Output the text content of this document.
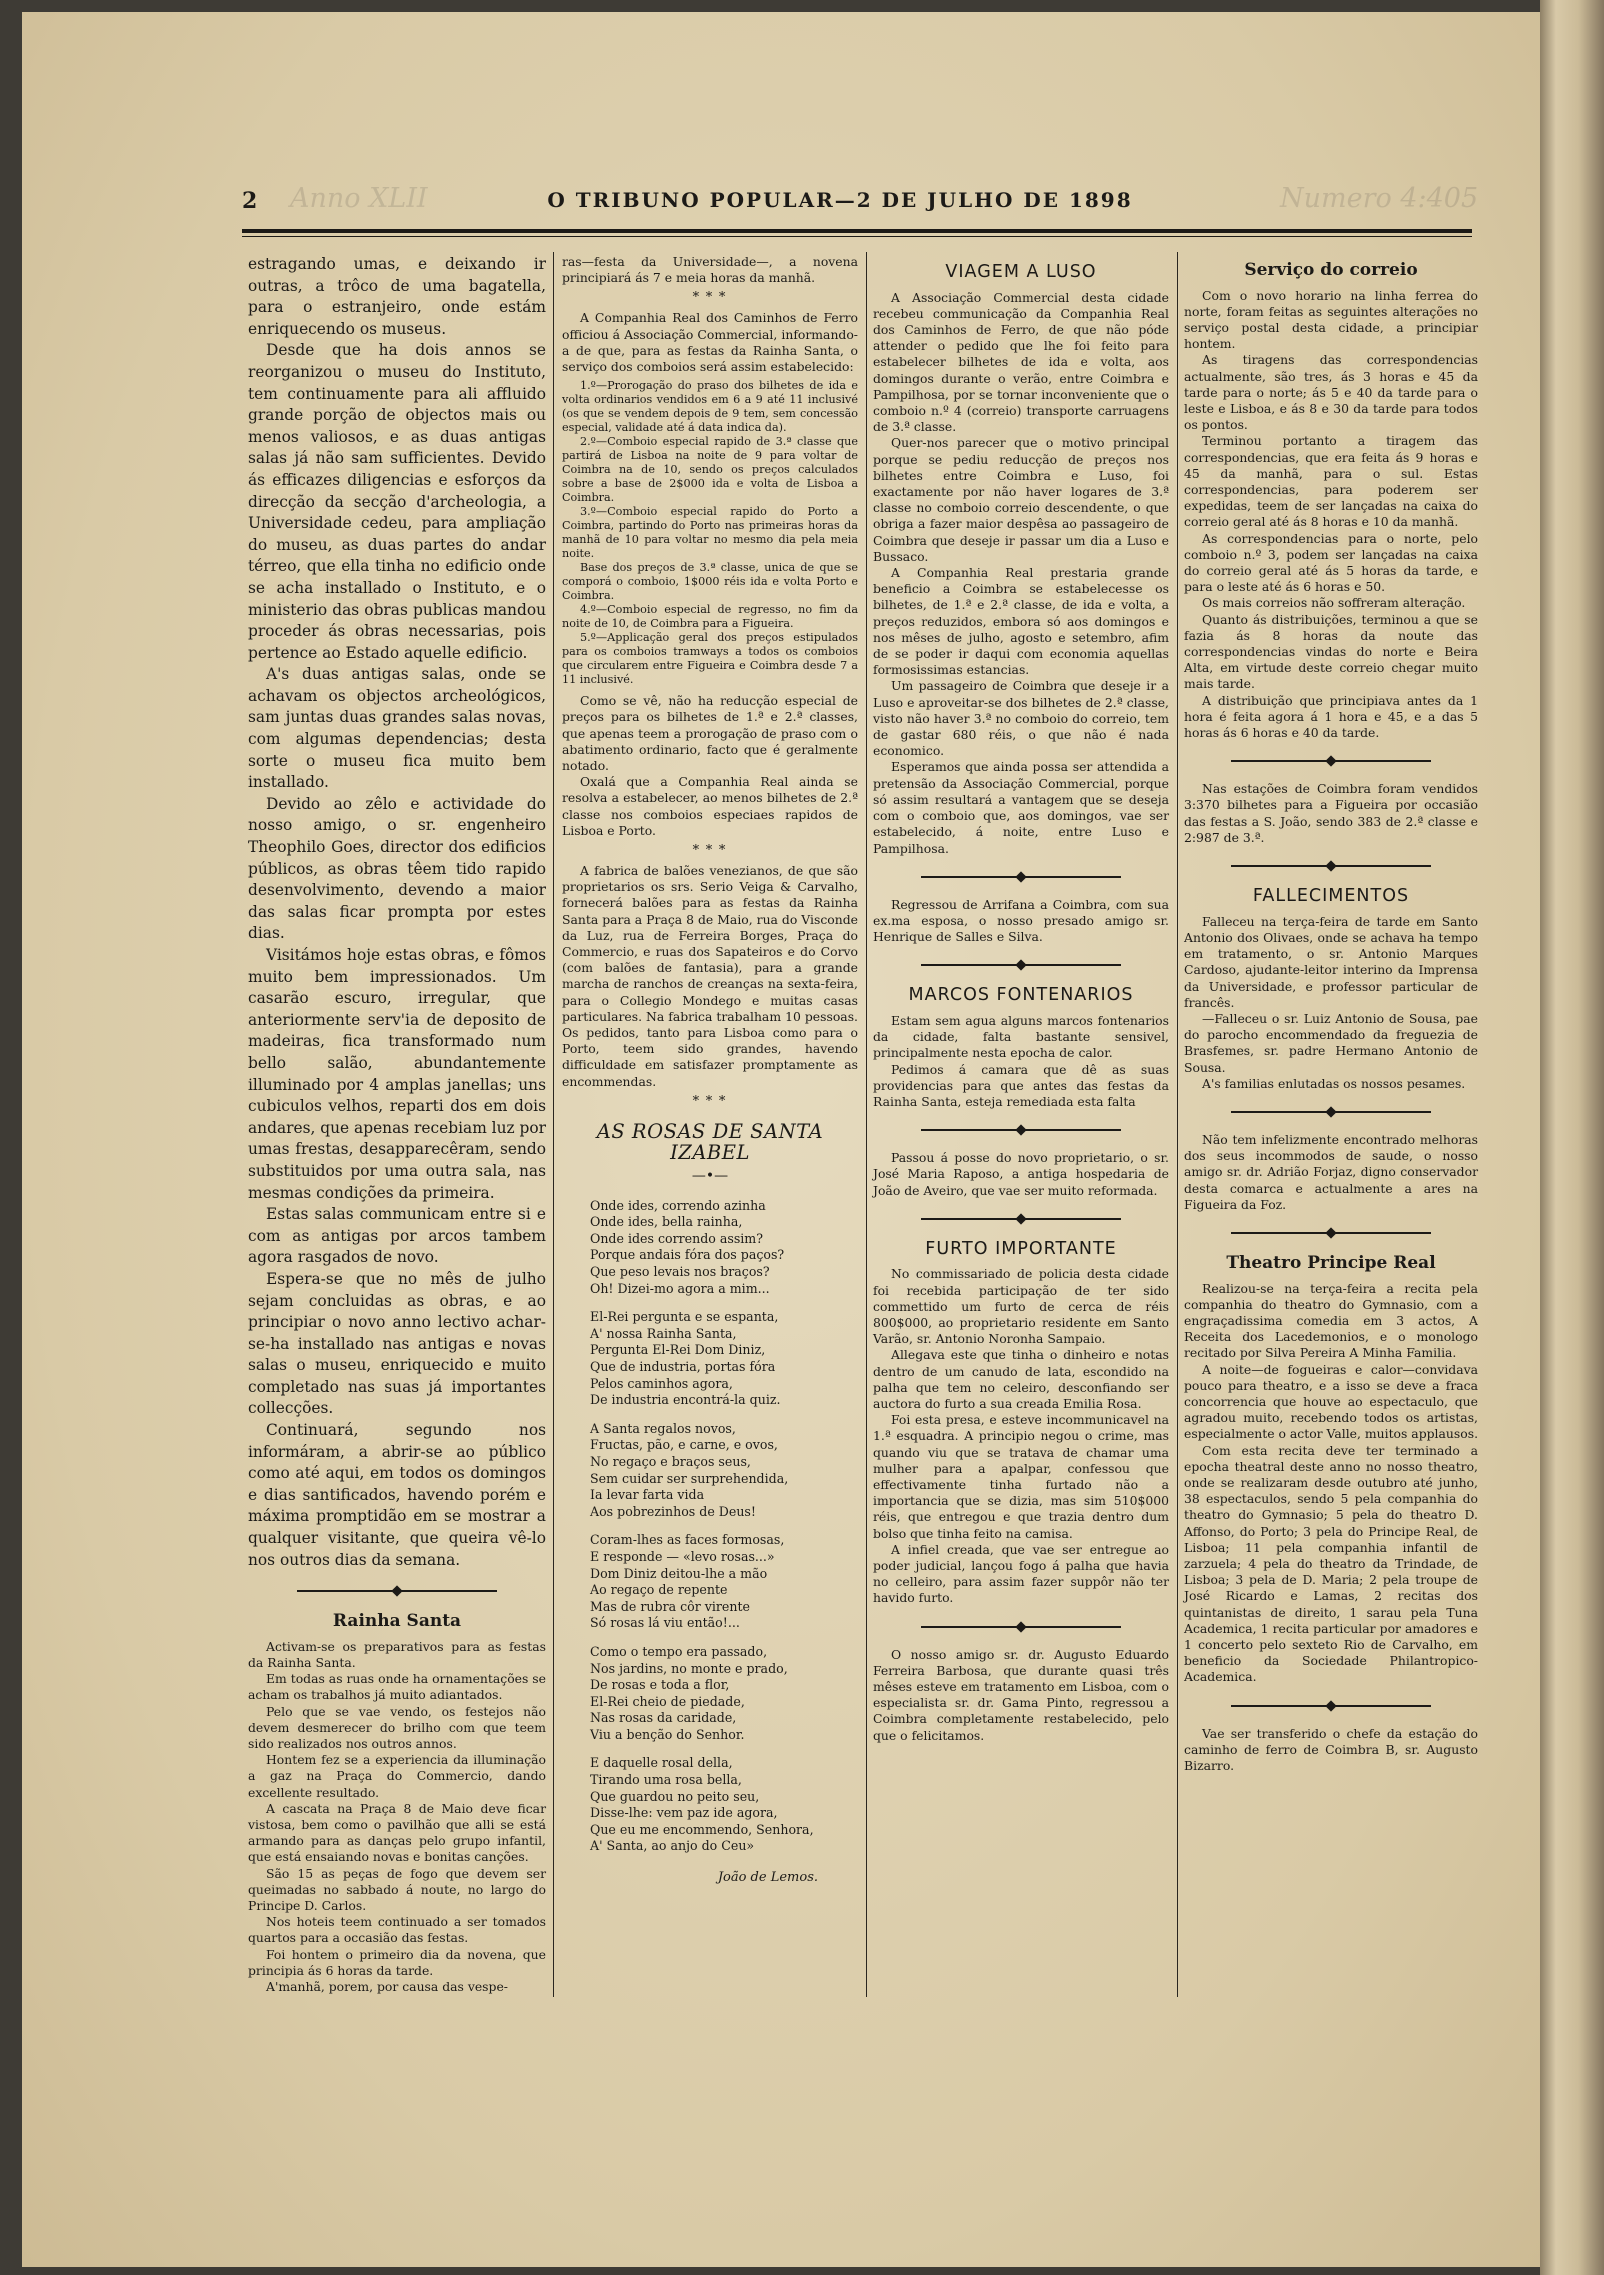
Anno XLII	Numero 4:405
2	O TRIBUNO POPULAR—2 DE JULHO DE 1898

estragando umas, e deixando ir outras, a trôco de uma bagatella, para o estranjeiro, onde estám enriquecendo os museus.

Desde que ha dois annos se reorganizou o museu do Instituto, tem continuamente para ali affluido grande porção de objectos mais ou menos valiosos, e as duas antigas salas já não sam sufficientes. Devido ás efficazes diligencias e esforços da direcção da secção d'archeologia, a Universidade cedeu, para ampliação do museu, as duas partes do andar térreo, que ella tinha no edificio onde se acha installado o Instituto, e o ministerio das obras publicas mandou proceder ás obras necessarias, pois pertence ao Estado aquelle edificio.

A's duas antigas salas, onde se achavam os objectos archeológicos, sam juntas duas grandes salas novas, com algumas dependencias; desta sorte o museu fica muito bem installado.

Devido ao zêlo e actividade do nosso amigo, o sr. engenheiro Theophilo Goes, director dos edificios públicos, as obras têem tido rapido desenvolvimento, devendo a maior das salas ficar prompta por estes dias.

Visitámos hoje estas obras, e fômos muito bem impressionados. Um casarão escuro, irregular, que anteriormente serv'ia de deposito de madeiras, fica transformado num bello salão, abundantemente illuminado por 4 amplas janellas; uns cubiculos velhos, reparti dos em dois andares, que apenas recebiam luz por umas frestas, desapparecêram, sendo substituidos por uma outra sala, nas mesmas condições da primeira.

Estas salas communicam entre si e com as antigas por arcos tambem agora rasgados de novo.

Espera-se que no mês de julho sejam concluidas as obras, e ao principiar o novo anno lectivo achar-se-ha installado nas antigas e novas salas o museu, enriquecido e muito completado nas suas já importantes collecções.

Continuará, segundo nos informáram, a abrir-se ao público como até aqui, em todos os domingos e dias santificados, havendo porém e máxima promptidão em se mostrar a qualquer visitante, que queira vê-lo nos outros dias da semana.

Rainha Santa

Activam-se os preparativos para as festas da Rainha Santa.

Em todas as ruas onde ha ornamentações se acham os trabalhos já muito adiantados.

Pelo que se vae vendo, os festejos não devem desmerecer do brilho com que teem sido realizados nos outros annos.

Hontem fez se a experiencia da illuminação a gaz na Praça do Commercio, dando excellente resultado.

A cascata na Praça 8 de Maio deve ficar vistosa, bem como o pavilhão que alli se está armando para as danças pelo grupo infantil, que está ensaiando novas e bonitas canções.

São 15 as peças de fogo que devem ser queimadas no sabbado á noute, no largo do Principe D. Carlos.

Nos hoteis teem continuado a ser tomados quartos para a occasião das festas.

Foi hontem o primeiro dia da novena, que principia ás 6 horas da tarde.

A'manhã, porem, por causa das vespe-

ras—festa da Universidade—, a novena principiará ás 7 e meia horas da manhã.

* * *

A Companhia Real dos Caminhos de Ferro officiou á Associação Commercial, informando-a de que, para as festas da Rainha Santa, o serviço dos comboios será assim estabelecido:

1.º—Prorogação do praso dos bilhetes de ida e volta ordinarios vendidos em 6 a 9 até 11 inclusivé (os que se vendem depois de 9 tem, sem concessão especial, validade até á data indica da).
2.º—Comboio especial rapido de 3.ª classe que partirá de Lisboa na noite de 9 para voltar de Coimbra na de 10, sendo os preços calculados sobre a base de 2$000 ida e volta de Lisboa a Coimbra.
3.º—Comboio especial rapido do Porto a Coimbra, partindo do Porto nas primeiras horas da manhã de 10 para voltar no mesmo dia pela meia noite.
Base dos preços de 3.ª classe, unica de que se comporá o comboio, 1$000 réis ida e volta Porto e Coimbra.
4.º—Comboio especial de regresso, no fim da noite de 10, de Coimbra para a Figueira.
5.º—Applicação geral dos preços estipulados para os comboios tramways a todos os comboios que circularem entre Figueira e Coimbra desde 7 a 11 inclusivé.

Como se vê, não ha reducção especial de preços para os bilhetes de 1.ª e 2.ª classes, que apenas teem a prorogação de praso com o abatimento ordinario, facto que é geralmente notado.

Oxalá que a Companhia Real ainda se resolva a estabelecer, ao menos bilhetes de 2.ª classe nos comboios especiaes rapidos de Lisboa e Porto.

* * *

A fabrica de balões venezianos, de que são proprietarios os srs. Serio Veiga & Carvalho, fornecerá balões para as festas da Rainha Santa para a Praça 8 de Maio, rua do Visconde da Luz, rua de Ferreira Borges, Praça do Commercio, e ruas dos Sapateiros e do Corvo (com balões de fantasia), para a grande marcha de ranchos de creanças na sexta-feira, para o Collegio Mondego e muitas casas particulares. Na fabrica trabalham 10 pessoas. Os pedidos, tanto para Lisboa como para o Porto, teem sido grandes, havendo difficuldade em satisfazer promptamente as encommendas.

* * *
AS ROSAS DE SANTA IZABEL
—•—
Onde ides, correndo azinha
Onde ides, bella rainha,
Onde ides correndo assim?
Porque andais fóra dos paços?
Que peso levais nos braços?
Oh! Dizei-mo agora a mim...
El-Rei pergunta e se espanta,
A' nossa Rainha Santa,
Pergunta El-Rei Dom Diniz,
Que de industria, portas fóra
Pelos caminhos agora,
De industria encontrá-la quiz.
A Santa regalos novos,
Fructas, pão, e carne, e ovos,
No regaço e braços seus,
Sem cuidar ser surprehendida,
Ia levar farta vida
Aos pobrezinhos de Deus!
Coram-lhes as faces formosas,
E responde — «levo rosas...»
Dom Diniz deitou-lhe a mão
Ao regaço de repente
Mas de rubra côr virente
Só rosas lá viu então!...
Como o tempo era passado,
Nos jardins, no monte e prado,
De rosas e toda a flor,
El-Rei cheio de piedade,
Nas rosas da caridade,
Viu a benção do Senhor.
E daquelle rosal della,
Tirando uma rosa bella,
Que guardou no peito seu,
Disse-lhe: vem paz ide agora,
Que eu me encommendo, Senhora,
A' Santa, ao anjo do Ceu»
João de Lemos.
VIAGEM A LUSO

A Associação Commercial desta cidade recebeu communicação da Companhia Real dos Caminhos de Ferro, de que não póde attender o pedido que lhe foi feito para estabelecer bilhetes de ida e volta, aos domingos durante o verão, entre Coimbra e Pampilhosa, por se tornar inconveniente que o comboio n.º 4 (correio) transporte carruagens de 3.ª classe.

Quer-nos parecer que o motivo principal porque se pediu reducção de preços nos bilhetes entre Coimbra e Luso, foi exactamente por não haver logares de 3.ª classe no comboio correio descendente, o que obriga a fazer maior despêsa ao passageiro de Coimbra que deseje ir passar um dia a Luso e Bussaco.

A Companhia Real prestaria grande beneficio a Coimbra se estabelecesse os bilhetes, de 1.ª e 2.ª classe, de ida e volta, a preços reduzidos, embora só aos domingos e nos mêses de julho, agosto e setembro, afim de se poder ir daqui com economia aquellas formosissimas estancias.

Um passageiro de Coimbra que deseje ir a Luso e aproveitar-se dos bilhetes de 2.ª classe, visto não haver 3.ª no comboio do correio, tem de gastar 680 réis, o que não é nada economico.

Esperamos que ainda possa ser attendida a pretensão da Associação Commercial, porque só assim resultará a vantagem que se deseja com o comboio que, aos domingos, vae ser estabelecido, á noite, entre Luso e Pampilhosa.

Regressou de Arrifana a Coimbra, com sua ex.ma esposa, o nosso presado amigo sr. Henrique de Salles e Silva.

MARCOS FONTENARIOS

Estam sem agua alguns marcos fontenarios da cidade, falta bastante sensivel, principalmente nesta epocha de calor.

Pedimos á camara que dê as suas providencias para que antes das festas da Rainha Santa, esteja remediada esta falta

Passou á posse do novo proprietario, o sr. José Maria Raposo, a antiga hospedaria de João de Aveiro, que vae ser muito reformada.

FURTO IMPORTANTE

No commissariado de policia desta cidade foi recebida participação de ter sido commettido um furto de cerca de réis 800$000, ao proprietario residente em Santo Varão, sr. Antonio Noronha Sampaio.

Allegava este que tinha o dinheiro e notas dentro de um canudo de lata, escondido na palha que tem no celeiro, desconfiando ser auctora do furto a sua creada Emilia Rosa.

Foi esta presa, e esteve incommunicavel na 1.ª esquadra. A principio negou o crime, mas quando viu que se tratava de chamar uma mulher para a apalpar, confessou que effectivamente tinha furtado não a importancia que se dizia, mas sim 510$000 réis, que entregou e que trazia dentro dum bolso que tinha feito na camisa.

A infiel creada, que vae ser entregue ao poder judicial, lançou fogo á palha que havia no celleiro, para assim fazer suppôr não ter havido furto.

O nosso amigo sr. dr. Augusto Eduardo Ferreira Barbosa, que durante quasi três mêses esteve em tratamento em Lisboa, com o especialista sr. dr. Gama Pinto, regressou a Coimbra completamente restabelecido, pelo que o felicitamos.

Serviço do correio

Com o novo horario na linha ferrea do norte, foram feitas as seguintes alterações no serviço postal desta cidade, a principiar hontem.

As tiragens das correspondencias actualmente, são tres, ás 3 horas e 45 da tarde para o norte; ás 5 e 40 da tarde para o leste e Lisboa, e ás 8 e 30 da tarde para todos os pontos.

Terminou portanto a tiragem das correspondencias, que era feita ás 9 horas e 45 da manhã, para o sul. Estas correspondencias, para poderem ser expedidas, teem de ser lançadas na caixa do correio geral até ás 8 horas e 10 da manhã.

As correspondencias para o norte, pelo comboio n.º 3, podem ser lançadas na caixa do correio geral até ás 5 horas da tarde, e para o leste até ás 6 horas e 50.

Os mais correios não soffreram alteração.

Quanto ás distribuições, terminou a que se fazia ás 8 horas da noute das correspondencias vindas do norte e Beira Alta, em virtude deste correio chegar muito mais tarde.

A distribuição que principiava antes da 1 hora é feita agora á 1 hora e 45, e a das 5 horas ás 6 horas e 40 da tarde.

Nas estações de Coimbra foram vendidos 3:370 bilhetes para a Figueira por occasião das festas a S. João, sendo 383 de 2.ª classe e 2:987 de 3.ª.

FALLECIMENTOS

Falleceu na terça-feira de tarde em Santo Antonio dos Olivaes, onde se achava ha tempo em tratamento, o sr. Antonio Marques Cardoso, ajudante-leitor interino da Imprensa da Universidade, e professor particular de francês.

—Falleceu o sr. Luiz Antonio de Sousa, pae do parocho encommendado da freguezia de Brasfemes, sr. padre Hermano Antonio de Sousa.

A's familias enlutadas os nossos pesames.

Não tem infelizmente encontrado melhoras dos seus incommodos de saude, o nosso amigo sr. dr. Adrião Forjaz, digno conservador desta comarca e actualmente a ares na Figueira da Foz.

Theatro Principe Real

Realizou-se na terça-feira a recita pela companhia do theatro do Gymnasio, com a engraçadissima comedia em 3 actos, A Receita dos Lacedemonios, e o monologo recitado por Silva Pereira A Minha Familia.

A noite—de fogueiras e calor—convidava pouco para theatro, e a isso se deve a fraca concorrencia que houve ao espectaculo, que agradou muito, recebendo todos os artistas, especialmente o actor Valle, muitos applausos.

Com esta recita deve ter terminado a epocha theatral deste anno no nosso theatro, onde se realizaram desde outubro até junho, 38 espectaculos, sendo 5 pela companhia do theatro do Gymnasio; 5 pela do theatro D. Affonso, do Porto; 3 pela do Principe Real, de Lisboa; 11 pela companhia infantil de zarzuela; 4 pela do theatro da Trindade, de Lisboa; 3 pela de D. Maria; 2 pela troupe de José Ricardo e Lamas, 2 recitas dos quintanistas de direito, 1 sarau pela Tuna Academica, 1 recita particular por amadores e 1 concerto pelo sexteto Rio de Carvalho, em beneficio da Sociedade Philantropico-Academica.

Vae ser transferido o chefe da estação do caminho de ferro de Coimbra B, sr. Augusto Bizarro.
